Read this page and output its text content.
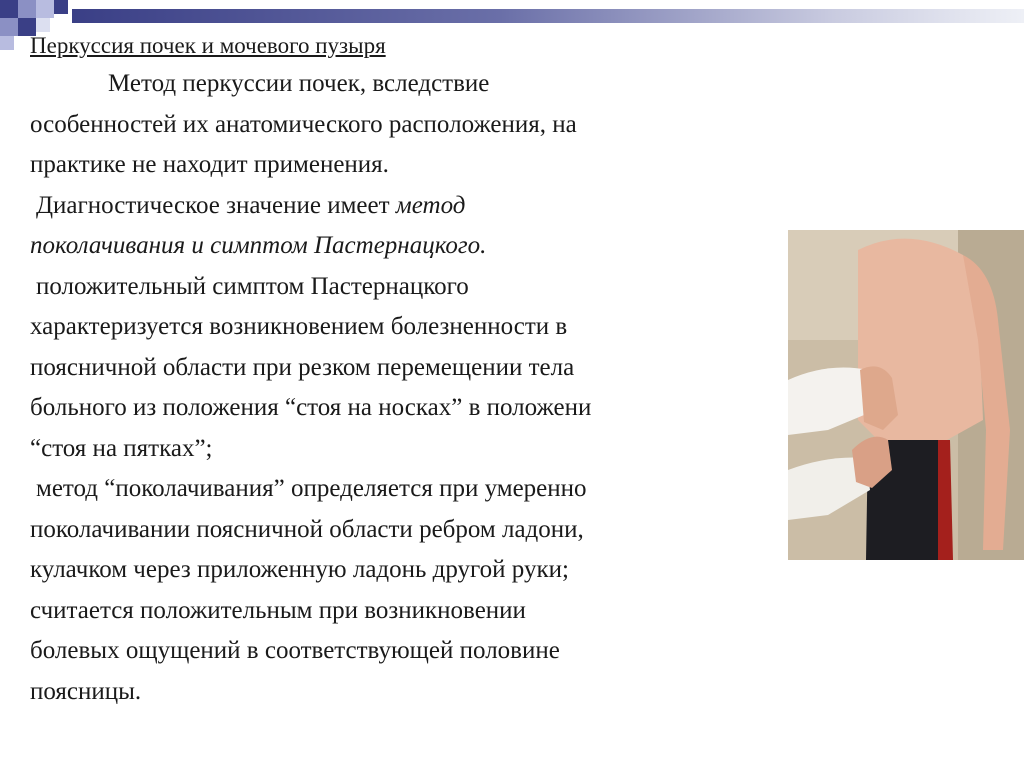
Перкуссия почек и мочевого пузыря

Метод перкуссии почек, вследствие

особенностей их анатомического расположения, на

практике не находит применения.

Диагностическое значение имеет метод

поколачивания и симптом Пастернацкого.

положительный симптом Пастернацкого

характеризуется возникновением болезненности в

поясничной области при резком перемещении тела

больного из положения “стоя на носках” в положени

“стоя на пятках”;

метод “поколачивания” определяется при умеренно

поколачивании поясничной области ребром ладони,

кулачком через приложенную ладонь другой руки;

считается положительным при возникновении

болевых ощущений в соответствующей половине

поясницы.
